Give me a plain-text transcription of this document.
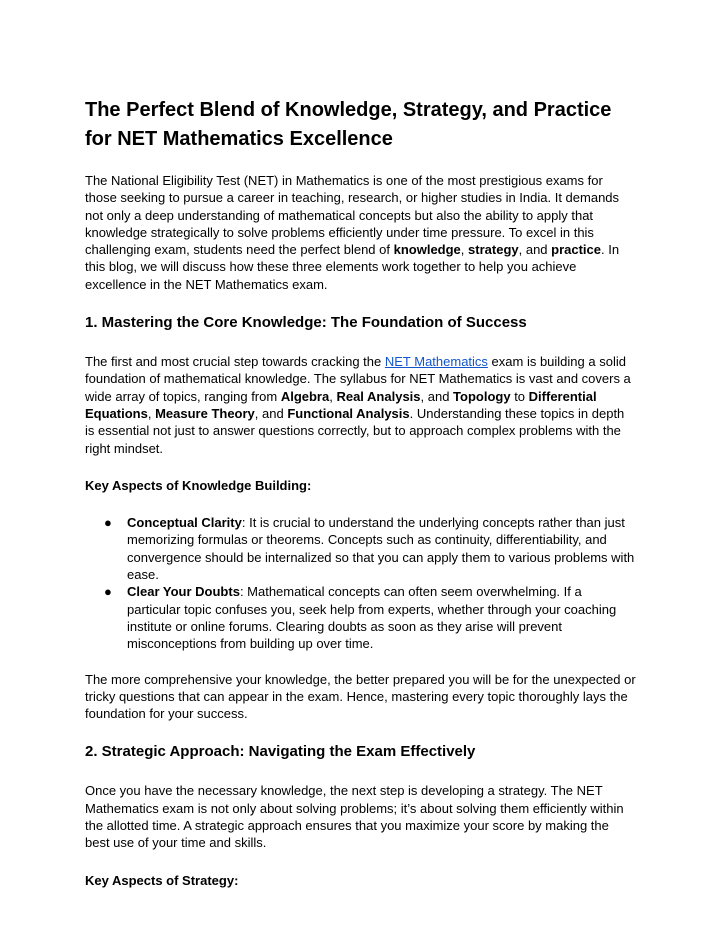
The Perfect Blend of Knowledge, Strategy, and Practice for NET Mathematics Excellence

The National Eligibility Test (NET) in Mathematics is one of the most prestigious exams for those seeking to pursue a career in teaching, research, or higher studies in India. It demands not only a deep understanding of mathematical concepts but also the ability to apply that knowledge strategically to solve problems efficiently under time pressure. To excel in this challenging exam, students need the perfect blend of knowledge, strategy, and practice. In this blog, we will discuss how these three elements work together to help you achieve excellence in the NET Mathematics exam.

1. Mastering the Core Knowledge: The Foundation of Success

The first and most crucial step towards cracking the NET Mathematics exam is building a solid foundation of mathematical knowledge. The syllabus for NET Mathematics is vast and covers a wide array of topics, ranging from Algebra, Real Analysis, and Topology to Differential Equations, Measure Theory, and Functional Analysis. Understanding these topics in depth is essential not just to answer questions correctly, but to approach complex problems with the right mindset.

Key Aspects of Knowledge Building:

● Conceptual Clarity: It is crucial to understand the underlying concepts rather than just memorizing formulas or theorems. Concepts such as continuity, differentiability, and convergence should be internalized so that you can apply them to various problems with ease.
● Clear Your Doubts: Mathematical concepts can often seem overwhelming. If a particular topic confuses you, seek help from experts, whether through your coaching institute or online forums. Clearing doubts as soon as they arise will prevent misconceptions from building up over time.

The more comprehensive your knowledge, the better prepared you will be for the unexpected or tricky questions that can appear in the exam. Hence, mastering every topic thoroughly lays the foundation for your success.

2. Strategic Approach: Navigating the Exam Effectively

Once you have the necessary knowledge, the next step is developing a strategy. The NET Mathematics exam is not only about solving problems; it’s about solving them efficiently within the allotted time. A strategic approach ensures that you maximize your score by making the best use of your time and skills.

Key Aspects of Strategy:
